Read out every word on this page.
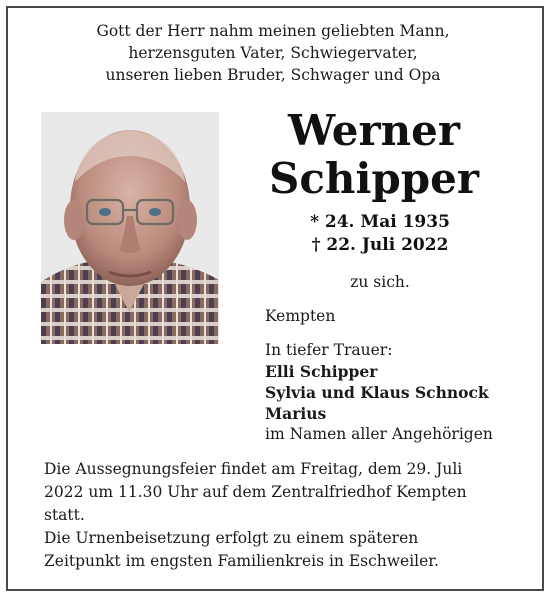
Gott der Herr nahm meinen geliebten Mann,
herzensguten Vater, Schwiegervater,
unseren lieben Bruder, Schwager und Opa
Werner
Schipper
* 24. Mai 1935
† 22. Juli 2022
zu sich.
Kempten
In tiefer Trauer:
Elli Schipper
Sylvia und Klaus Schnock
Marius
im Namen aller Angehörigen
Die Aussegnungsfeier findet am Freitag, dem 29. Juli
2022 um 11.30 Uhr auf dem Zentralfriedhof Kempten
statt.
Die Urnenbeisetzung erfolgt zu einem späteren
Zeitpunkt im engsten Familienkreis in Eschweiler.
